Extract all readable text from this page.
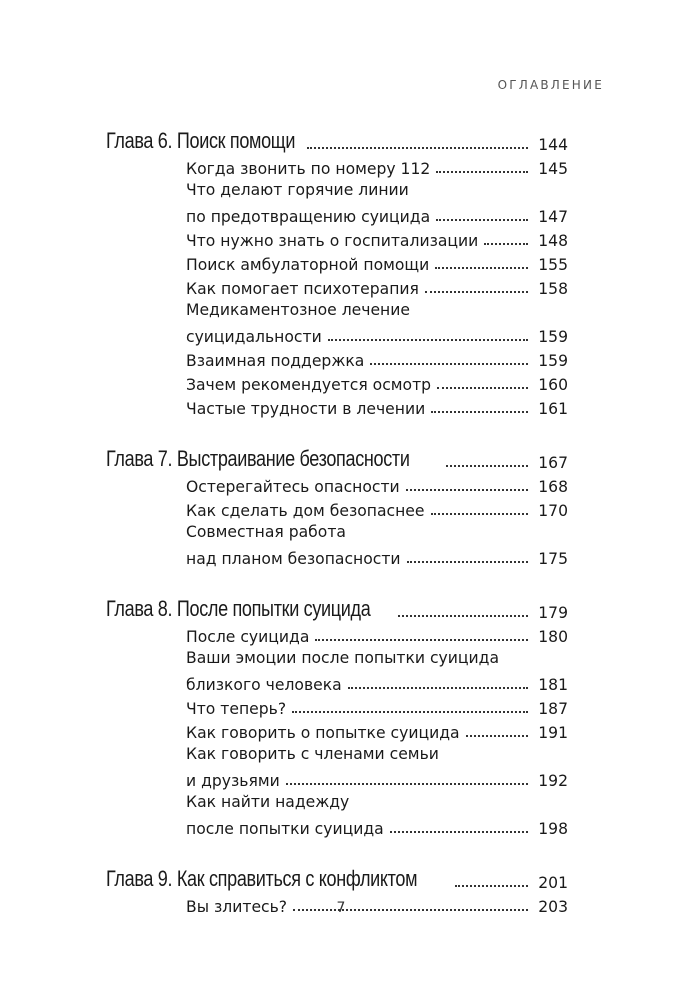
ОГЛАВЛЕНИЕ
Глава 6. Поиск помощи	144
Когда звонить по номеру 112	145
Что делают горячие линии
по предотвращению суицида	147
Что нужно знать о госпитализации	148
Поиск амбулаторной помощи	155
Как помогает психотерапия	158
Медикаментозное лечение
суицидальности	159
Взаимная поддержка	159
Зачем рекомендуется осмотр	160
Частые трудности в лечении	161
Глава 7. Выстраивание безопасности	167
Остерегайтесь опасности	168
Как сделать дом безопаснее	170
Совместная работа
над планом безопасности	175
Глава 8. После попытки суицида	179
После суицида	180
Ваши эмоции после попытки суицида
близкого человека	181
Что теперь?	187
Как говорить о попытке суицида	191
Как говорить с членами семьи
и друзьями	192
Как найти надежду
после попытки суицида	198
Глава 9. Как справиться с конфликтом	201
Вы злитесь?	203
7
